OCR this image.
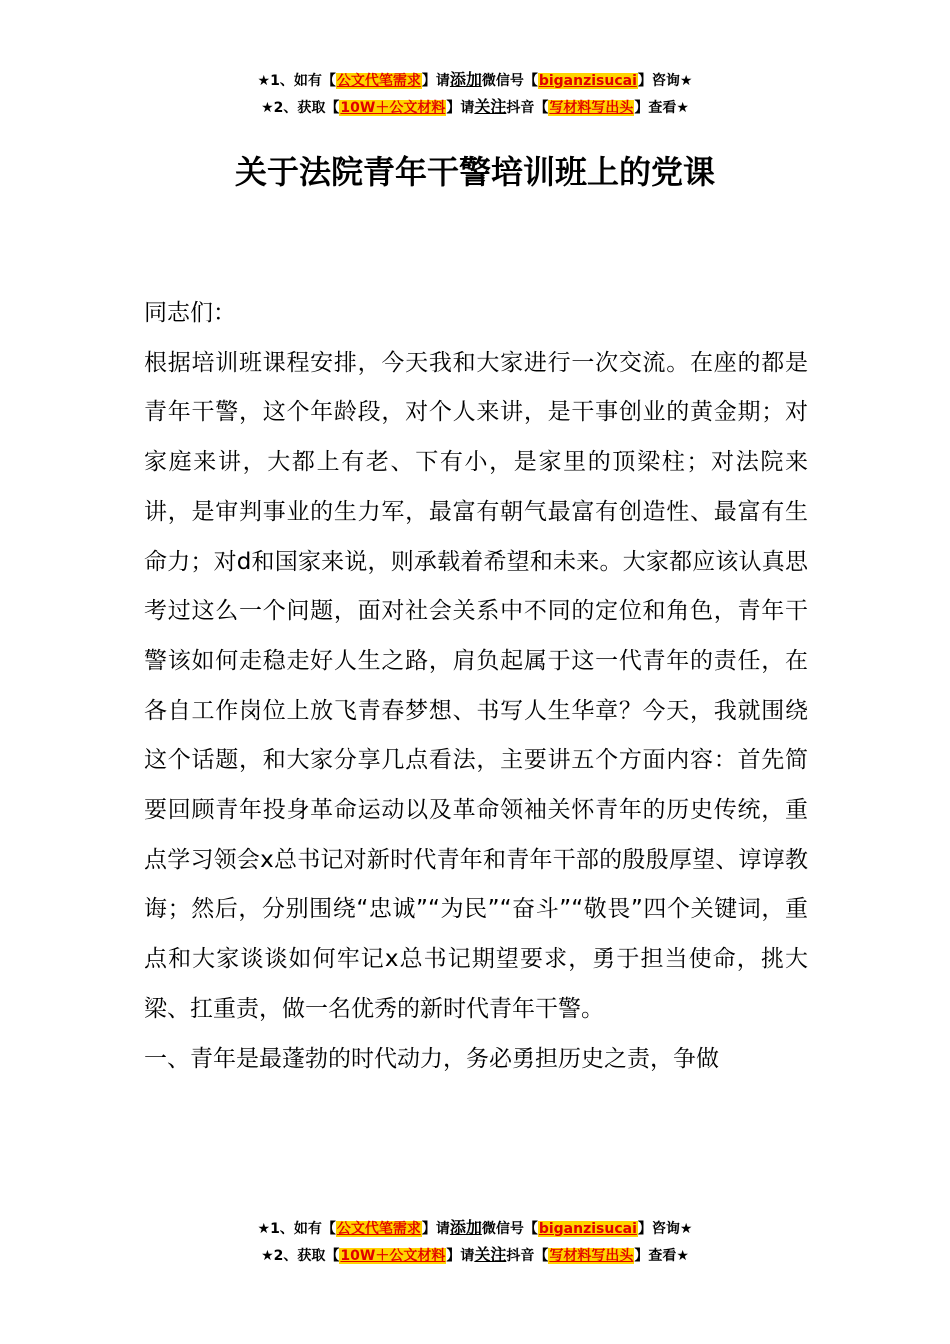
★1、如有【公文代笔需求】请添加微信号【biganzisucai】咨询★
★2、获取【10W＋公文材料】请关注抖音【写材料写出头】查看★
关于法院青年干警培训班上的党课

同志们：

根据培训班课程安排，今天我和大家进行一次交流。在座的都是青年干警，这个年龄段，对个人来讲，是干事创业的黄金期；对家庭来讲，大都上有老、下有小，是家里的顶梁柱；对法院来讲，是审判事业的生力军，最富有朝气最富有创造性、最富有生命力；对d和国家来说，则承载着希望和未来。大家都应该认真思考过这么一个问题，面对社会关系中不同的定位和角色，青年干警该如何走稳走好人生之路，肩负起属于这一代青年的责任，在各自工作岗位上放飞青春梦想、书写人生华章？今天，我就围绕这个话题，和大家分享几点看法，主要讲五个方面内容：首先简要回顾青年投身革命运动以及革命领袖关怀青年的历史传统，重点学习领会x总书记对新时代青年和青年干部的殷殷厚望、谆谆教诲；然后，分别围绕“忠诚”“为民”“奋斗”“敬畏”四个关键词，重点和大家谈谈如何牢记x总书记期望要求，勇于担当使命，挑大梁、扛重责，做一名优秀的新时代青年干警。

一、青年是最蓬勃的时代动力，务必勇担历史之责，争做

★1、如有【公文代笔需求】请添加微信号【biganzisucai】咨询★
★2、获取【10W＋公文材料】请关注抖音【写材料写出头】查看★
